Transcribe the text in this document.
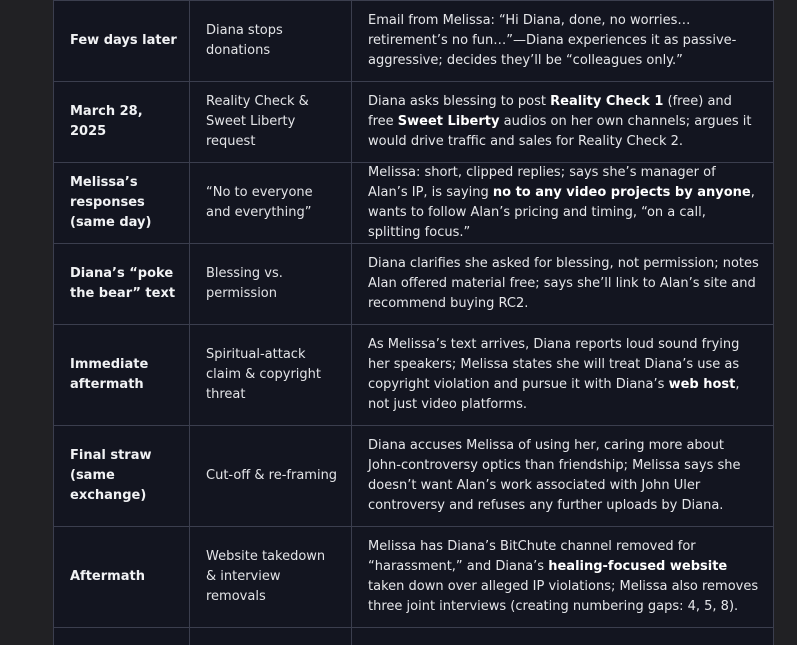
Few days later	Diana stops donations	Email from Melissa: “Hi Diana, done, no worries… retirement’s no fun…”—Diana experiences it as passive-aggressive; decides they’ll be “colleagues only.”
March 28, 2025	Reality Check & Sweet Liberty request	Diana asks blessing to post Reality Check 1 (free) and free Sweet Liberty audios on her own channels; argues it would drive traffic and sales for Reality Check 2.
Melissa’s responses (same day)	“No to everyone and everything”	Melissa: short, clipped replies; says she’s manager of Alan’s IP, is saying no to any video projects by anyone, wants to follow Alan’s pricing and timing, “on a call, splitting focus.”
Diana’s “poke the bear” text	Blessing vs. permission	Diana clarifies she asked for blessing, not permission; notes Alan offered material free; says she’ll link to Alan’s site and recommend buying RC2.
Immediate aftermath	Spiritual-attack claim & copyright threat	As Melissa’s text arrives, Diana reports loud sound frying her speakers; Melissa states she will treat Diana’s use as copyright violation and pursue it with Diana’s web host, not just video platforms.
Final straw (same exchange)	Cut-off & re-framing	Diana accuses Melissa of using her, caring more about John-controversy optics than friendship; Melissa says she doesn’t want Alan’s work associated with John Uler controversy and refuses any further uploads by Diana.
Aftermath	Website takedown & interview removals	Melissa has Diana’s BitChute channel removed for “harassment,” and Diana’s healing-focused website taken down over alleged IP violations; Melissa also removes three joint interviews (creating numbering gaps: 4, 5, 8).
